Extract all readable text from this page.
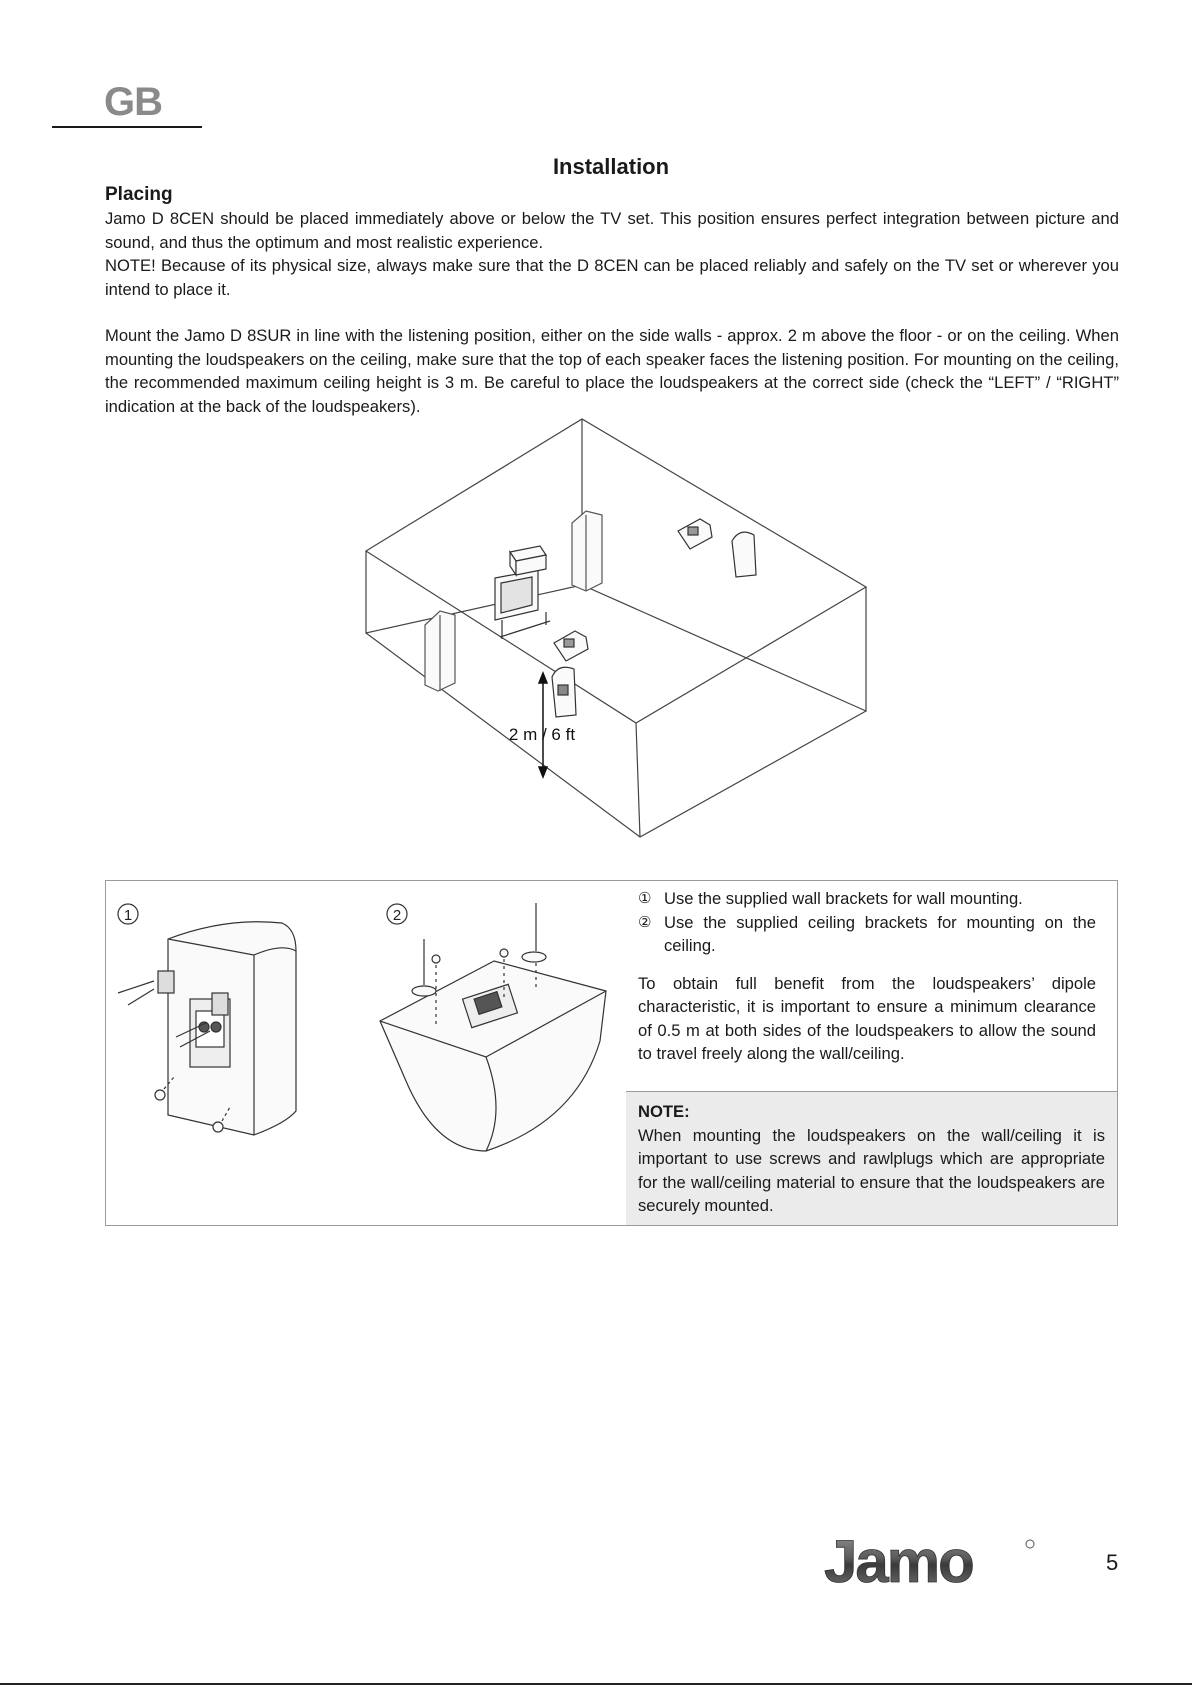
GB
Installation
Placing

Jamo D 8CEN should be placed immediately above or below the TV set. This position ensures perfect integration between picture and sound, and thus the optimum and most realistic experience.

NOTE! Because of its physical size, always make sure that the D 8CEN can be placed reliably and safely on the TV set or wherever you intend to place it.

Mount the Jamo D 8SUR in line with the listening position, either on the side walls - approx. 2 m above the floor - or on the ceiling. When mounting the loudspeakers on the ceiling, make sure that the top of each speaker faces the listening position. For mounting on the ceiling, the recommended maximum ceiling height is 3 m. Be careful to place the loudspeakers at the correct side (check the “LEFT” / “RIGHT” indication at the back of the loudspeakers).

2 m / 6 ft
1	2
① Use the supplied wall brackets for wall mounting.
② Use the supplied ceiling brackets for mounting on the ceiling.
To obtain full benefit from the loudspeakers’ dipole characteristic, it is important to ensure a minimum clearance of 0.5 m at both sides of the loudspeakers to allow the sound to travel freely along the wall/ceiling.
NOTE:
When mounting the loudspeakers on the wall/ceiling it is important to use screws and rawlplugs which are appropriate for the wall/ceiling material to ensure that the loudspeakers are securely mounted.
Jamo	5
